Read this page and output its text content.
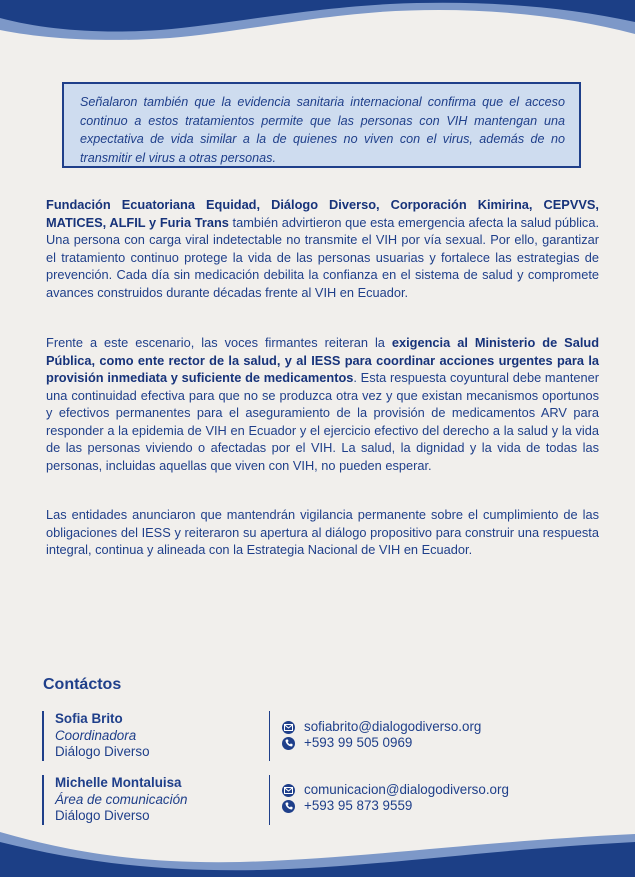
Señalaron también que la evidencia sanitaria internacional confirma que el acceso continuo a estos tratamientos permite que las personas con VIH mantengan una expectativa de vida similar a la de quienes no viven con el virus, además de no transmitir el virus a otras personas.

Fundación Ecuatoriana Equidad, Diálogo Diverso, Corporación Kimirina, CEPVVS, MATICES, ALFIL y Furia Trans también advirtieron que esta emergencia afecta la salud pública. Una persona con carga viral indetectable no transmite el VIH por vía sexual. Por ello, garantizar el tratamiento continuo protege la vida de las personas usuarias y fortalece las estrategias de prevención. Cada día sin medicación debilita la confianza en el sistema de salud y compromete avances construidos durante décadas frente al VIH en Ecuador.

Frente a este escenario, las voces firmantes reiteran la exigencia al Ministerio de Salud Pública, como ente rector de la salud, y al IESS para coordinar acciones urgentes para la provisión inmediata y suficiente de medicamentos. Esta respuesta coyuntural debe mantener una continuidad efectiva para que no se produzca otra vez y que existan mecanismos oportunos y efectivos permanentes para el aseguramiento de la provisión de medicamentos ARV para responder a la epidemia de VIH en Ecuador y el ejercicio efectivo del derecho a la salud y la vida de las personas viviendo o afectadas por el VIH. La salud, la dignidad y la vida de todas las personas, incluidas aquellas que viven con VIH, no pueden esperar.

Las entidades anunciaron que mantendrán vigilancia permanente sobre el cumplimiento de las obligaciones del IESS y reiteraron su apertura al diálogo propositivo para construir una respuesta integral, continua y alineada con la Estrategia Nacional de VIH en Ecuador.

Contáctos
Sofia Brito
Coordinadora
Diálogo Diverso
sofiabrito@dialogodiverso.org
+593 99 505 0969
Michelle Montaluisa
Área de comunicación
Diálogo Diverso
comunicacion@dialogodiverso.org
+593 95 873 9559
